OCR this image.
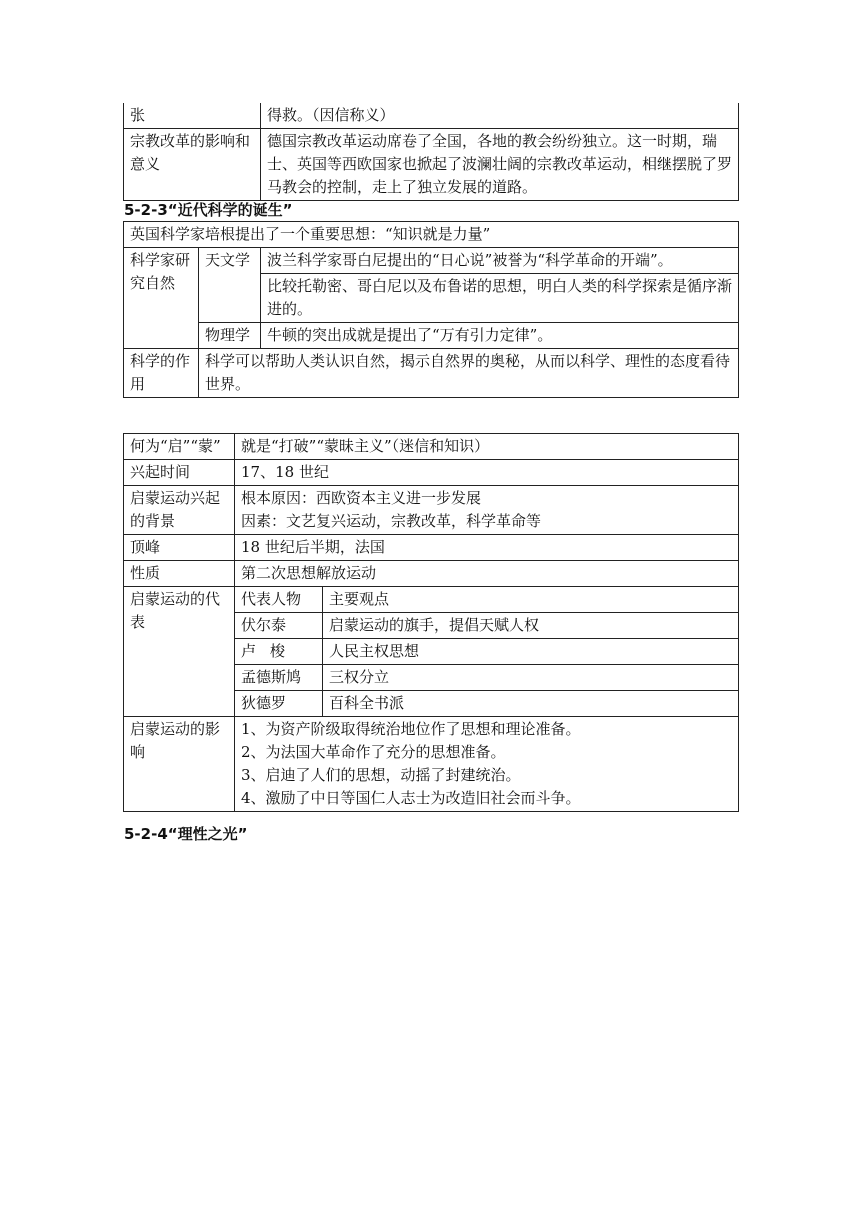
张	得救。（因信称义）
宗教改革的影响和意义	德国宗教改革运动席卷了全国，各地的教会纷纷独立。这一时期，瑞士、英国等西欧国家也掀起了波澜壮阔的宗教改革运动，相继摆脱了罗马教会的控制，走上了独立发展的道路。
5-2-3“近代科学的诞生”
英国科学家培根提出了一个重要思想：“知识就是力量”		
科学家研究自然	天文学	波兰科学家哥白尼提出的“日心说”被誉为“科学革命的开端”。
		比较托勒密、哥白尼以及布鲁诺的思想，明白人类的科学探索是循序渐进的。
	物理学	牛顿的突出成就是提出了“万有引力定律”。
科学的作用	科学可以帮助人类认识自然，揭示自然界的奥秘，从而以科学、理性的态度看待世界。	
何为“启”“蒙”	就是“打破”“蒙昧主义”（迷信和知识）	
兴起时间	17、18 世纪	
启蒙运动兴起的背景	根本原因：西欧资本主义进一步发展
因素：文艺复兴运动，宗教改革，科学革命等	

顶峰	18 世纪后半期，法国	
性质	第二次思想解放运动	
启蒙运动的代表	代表人物	主要观点
	伏尔泰	启蒙运动的旗手，提倡天赋人权
	卢梭	人民主权思想
	孟德斯鸠	三权分立
	狄德罗	百科全书派
启蒙运动的影响	1、为资产阶级取得统治地位作了思想和理论准备。
2、为法国大革命作了充分的思想准备。
3、启迪了人们的思想，动摇了封建统治。
4、激励了中日等国仁人志士为改造旧社会而斗争。	
5-2-4“理性之光”
